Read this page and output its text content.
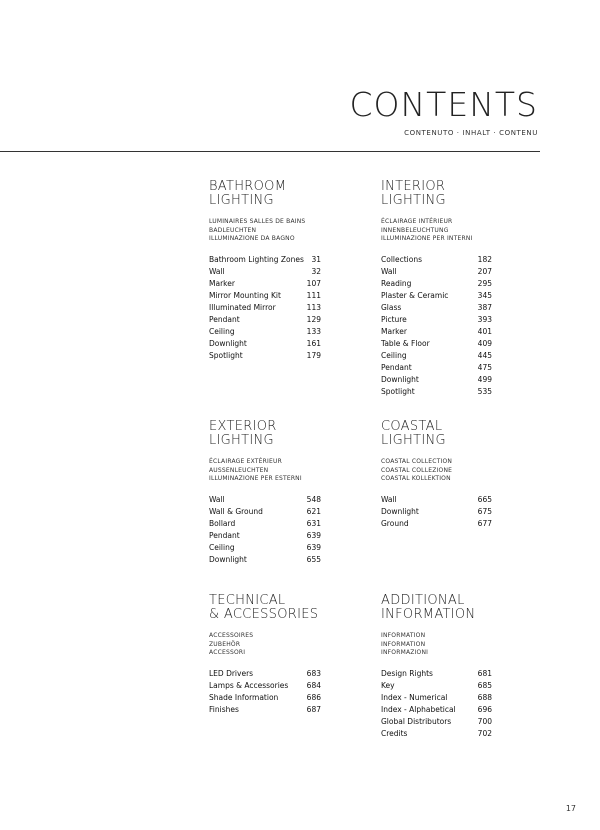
CONTENTS
CONTENUTO · INHALT · CONTENU
BATHROOM
LIGHTING
LUMINAIRES SALLES DE BAINS
BADLEUCHTEN
ILLUMINAZIONE DA BAGNO
Bathroom Lighting Zones 31
Wall	32
Marker	107
Mirror Mounting Kit	111
Illuminated Mirror	113
Pendant	129
Ceiling	133
Downlight	161
Spotlight	179
INTERIOR
LIGHTING
ÉCLAIRAGE INTÉRIEUR
INNENBELEUCHTUNG
ILLUMINAZIONE PER INTERNI
Collections	182
Wall	207
Reading	295
Plaster & Ceramic	345
Glass	387
Picture	393
Marker	401
Table & Floor	409
Ceiling	445
Pendant	475
Downlight	499
Spotlight	535
EXTERIOR
LIGHTING
ÉCLAIRAGE EXTÉRIEUR
AUSSENLEUCHTEN
ILLUMINAZIONE PER ESTERNI
Wall	548
Wall & Ground	621
Bollard	631
Pendant	639
Ceiling	639
Downlight	655
COASTAL
LIGHTING
COASTAL COLLECTION
COASTAL COLLEZIONE
COASTAL KOLLEKTION
Wall	665
Downlight	675
Ground	677
TECHNICAL
& ACCESSORIES
ACCESSOIRES
ZUBEHÖR
ACCESSORI
LED Drivers	683
Lamps & Accessories 684
Shade Information	686
Finishes	687
ADDITIONAL
INFORMATION
INFORMATION
INFORMATION
INFORMAZIONI
Design Rights	681
Key	685
Index - Numerical	688
Index - Alphabetical	696
Global Distributors	700
Credits	702
17
